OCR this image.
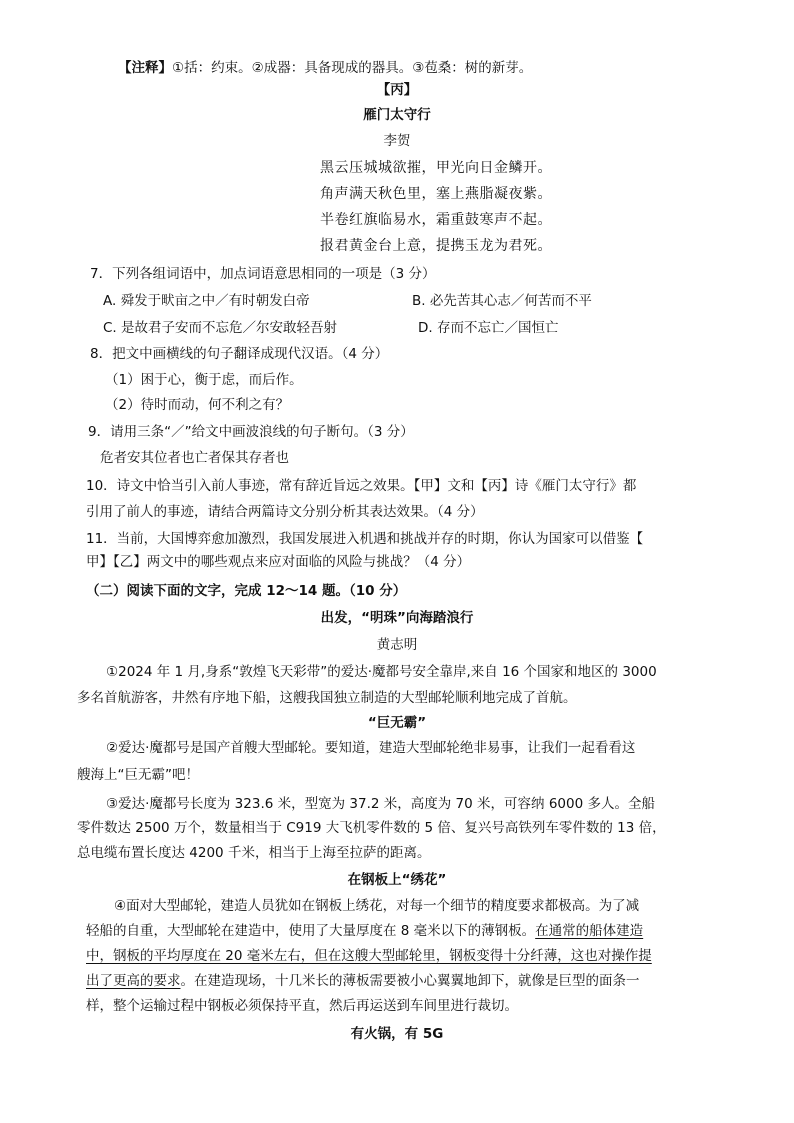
【注释】①括：约束。②成器：具备现成的器具。③苞桑：树的新芽。
【丙】
雁门太守行
李贺
黑云压城城欲摧，甲光向日金鳞开。
角声满天秋色里，塞上燕脂凝夜紫。
半卷红旗临易水，霜重鼓寒声不起。
报君黄金台上意，提携玉龙为君死。
7．下列各组词语中，加点词语意思相同的一项是（3 分）
A. 舜发于畎亩之中／有时朝发白帝	B. 必先苦其心志／何苦而不平
C. 是故君子安而不忘危／尔安敢轻吾射	D. 存而不忘亡／国恒亡
8．把文中画横线的句子翻译成现代汉语。（4 分）
（1）困于心，衡于虑，而后作。
（2）待时而动，何不利之有？
9．请用三条“／”给文中画波浪线的句子断句。（3 分）
危者安其位者也亡者保其存者也
10．诗文中恰当引入前人事迹，常有辞近旨远之效果。【甲】文和【丙】诗《雁门太守行》都
引用了前人的事迹，请结合两篇诗文分别分析其表达效果。（4 分）
11．当前，大国博弈愈加激烈，我国发展进入机遇和挑战并存的时期，你认为国家可以借鉴【
甲】【乙】两文中的哪些观点来应对面临的风险与挑战？（4 分）
（二）阅读下面的文字，完成 12～14 题。（10 分）
出发，“明珠”向海踏浪行
黄志明
①2024 年 1 月,身系“敦煌飞天彩带”的爱达·魔都号安全靠岸,来自 16 个国家和地区的 3000
多名首航游客，井然有序地下船，这艘我国独立制造的大型邮轮顺利地完成了首航。
“巨无霸”
②爱达·魔都号是国产首艘大型邮轮。要知道，建造大型邮轮绝非易事，让我们一起看看这
艘海上“巨无霸”吧！
③爱达·魔都号长度为 323.6 米，型宽为 37.2 米，高度为 70 米，可容纳 6000 多人。全船
零件数达 2500 万个，数量相当于 C919 大飞机零件数的 5 倍、复兴号高铁列车零件数的 13 倍，
总电缆布置长度达 4200 千米，相当于上海至拉萨的距离。
在钢板上“绣花”
④面对大型邮轮，建造人员犹如在钢板上绣花，对每一个细节的精度要求都极高。为了减
轻船的自重，大型邮轮在建造中，使用了大量厚度在 8 毫米以下的薄钢板。在通常的船体建造
中，钢板的平均厚度在 20 毫米左右，但在这艘大型邮轮里，钢板变得十分纤薄，这也对操作提
出了更高的要求。在建造现场，十几米长的薄板需要被小心翼翼地卸下，就像是巨型的面条一
样，整个运输过程中钢板必须保持平直，然后再运送到车间里进行裁切。
有火锅，有 5G
